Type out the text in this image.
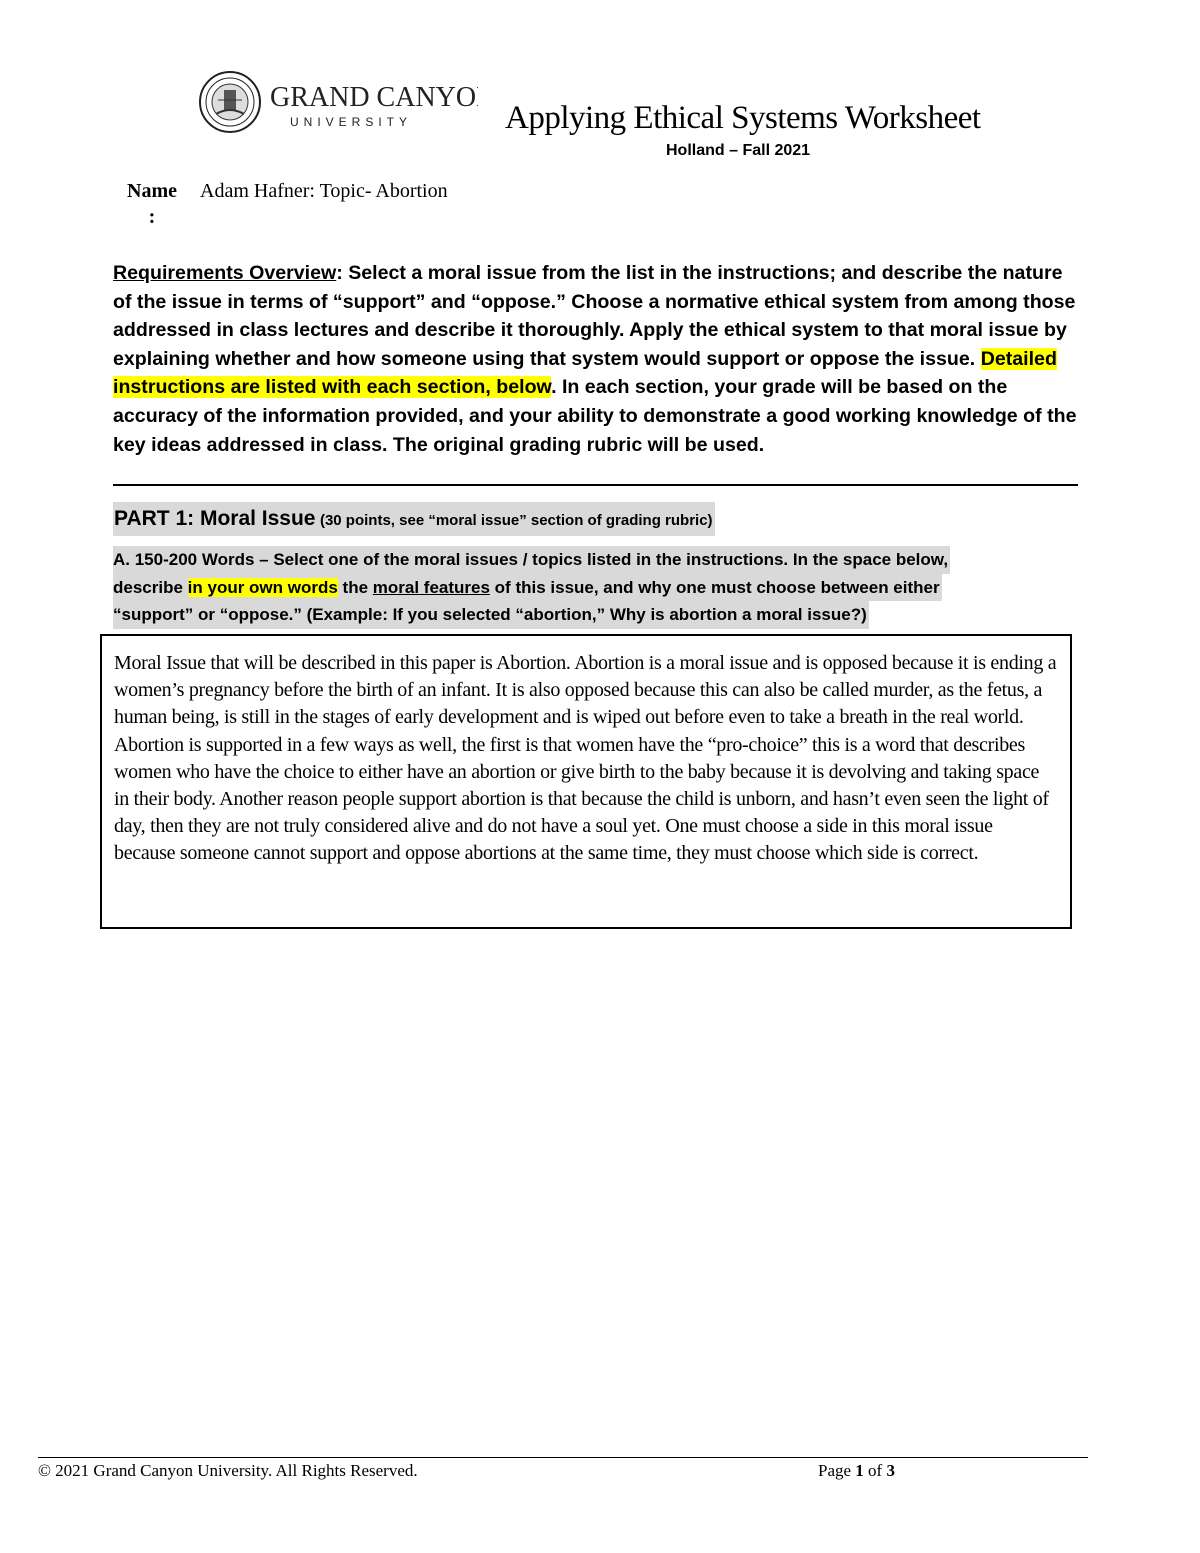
GRAND CANYON
UNIVERSITY	Applying Ethical Systems Worksheet
Holland – Fall 2021
Name
:
Adam Hafner: Topic- Abortion
Requirements Overview: Select a moral issue from the list in the instructions; and describe the nature of the issue in terms of “support” and “oppose.” Choose a normative ethical system from among those addressed in class lectures and describe it thoroughly. Apply the ethical system to that moral issue by explaining whether and how someone using that system would support or oppose the issue. Detailed instructions are listed with each section, below. In each section, your grade will be based on the accuracy of the information provided, and your ability to demonstrate a good working knowledge of the key ideas addressed in class. The original grading rubric will be used.
PART 1: Moral Issue (30 points, see “moral issue” section of grading rubric)
A. 150-200 Words – Select one of the moral issues / topics listed in the instructions. In the space below,
describe in your own words the moral features of this issue, and why one must choose between either
“support” or “oppose.” (Example: If you selected “abortion,” Why is abortion a moral issue?)
Moral Issue that will be described in this paper is Abortion. Abortion is a moral issue and is opposed because it is ending a women’s pregnancy before the birth of an infant. It is also opposed because this can also be called murder, as the fetus, a human being, is still in the stages of early development and is wiped out before even to take a breath in the real world. Abortion is supported in a few ways as well, the first is that women have the “pro-choice” this is a word that describes women who have the choice to either have an abortion or give birth to the baby because it is devolving and taking space in their body. Another reason people support abortion is that because the child is unborn, and hasn’t even seen the light of day, then they are not truly considered alive and do not have a soul yet. One must choose a side in this moral issue because someone cannot support and oppose abortions at the same time, they must choose which side is correct.
© 2021 Grand Canyon University. All Rights Reserved.	Page 1 of 3
